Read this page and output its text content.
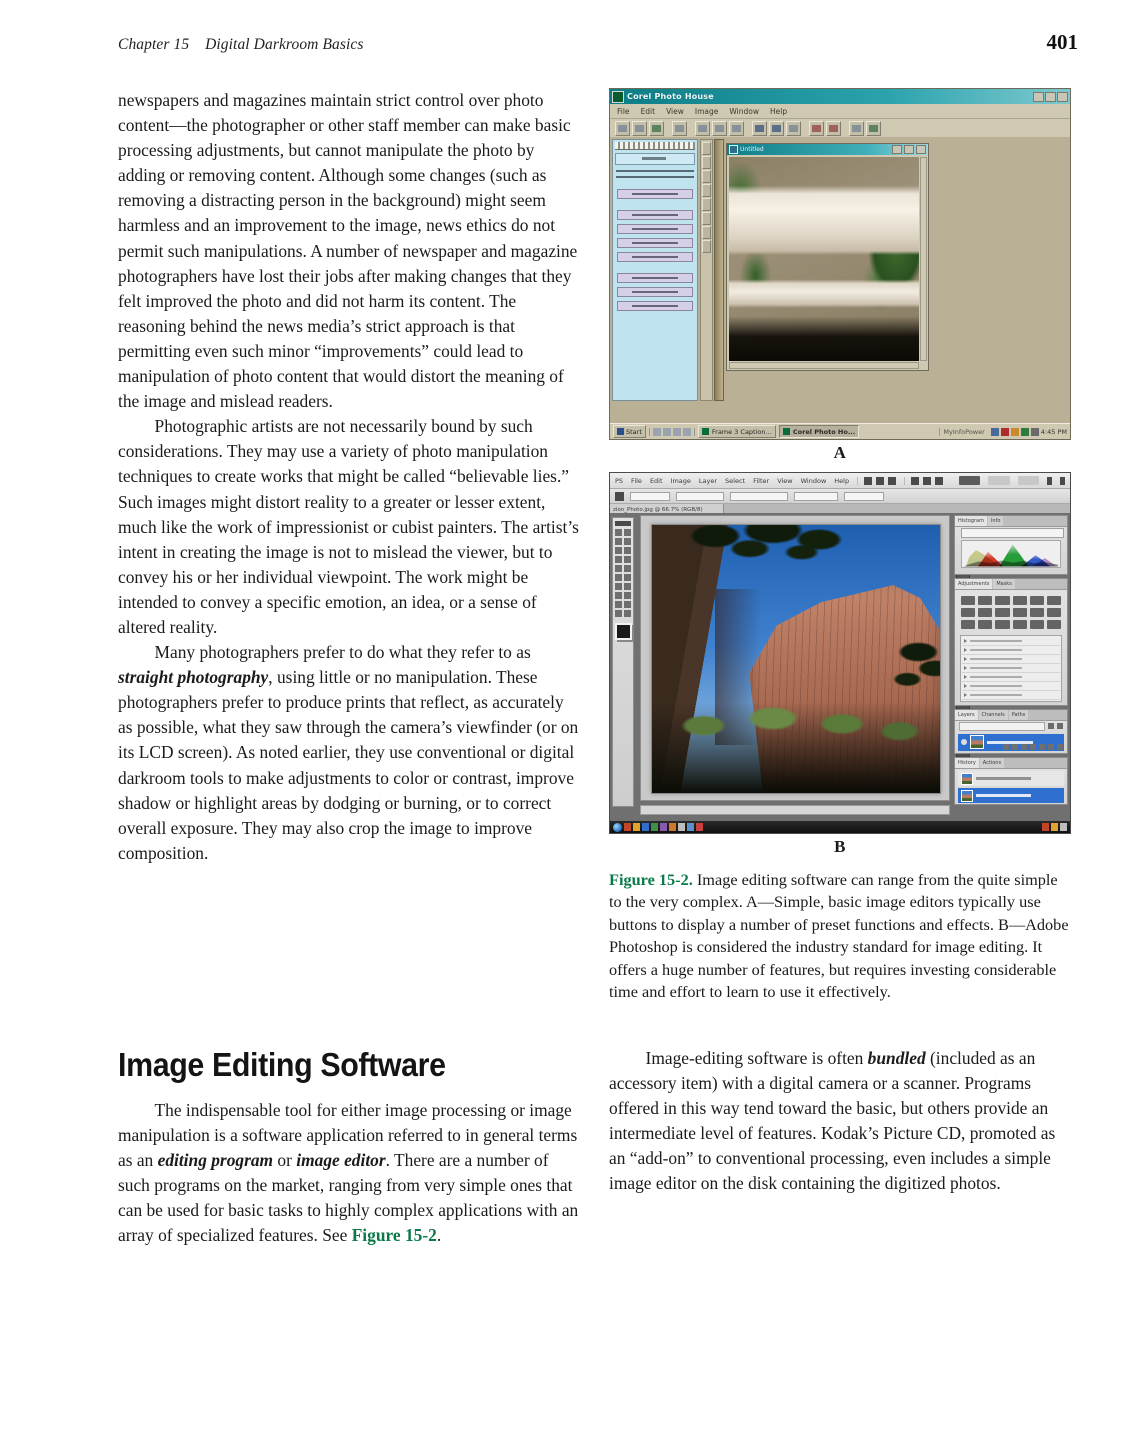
Chapter 15    Digital Darkroom Basics	401

newspapers and magazines maintain strict control over photo content—the photographer or other staff member can make basic processing adjustments, but cannot manipulate the photo by adding or removing content. Although some changes (such as removing a distracting person in the background) might seem harmless and an improvement to the image, news ethics do not permit such manipulations. A number of newspaper and magazine photographers have lost their jobs after making changes that they felt improved the photo and did not harm its content. The reasoning behind the news media’s strict approach is that permitting even such minor “improvements” could lead to manipulation of photo content that would distort the meaning of the image and mislead readers.

Photographic artists are not necessarily bound by such considerations. They may use a variety of photo manipulation techniques to create works that might be called “believable lies.” Such images might distort reality to a greater or lesser extent, much like the work of impressionist or cubist painters. The artist’s intent in creating the image is not to mislead the viewer, but to convey his or her individual viewpoint. The work might be intended to convey a specific emotion, an idea, or a sense of altered reality.

Many photographers prefer to do what they refer to as straight photography, using little or no manipulation. These photographers prefer to produce prints that reflect, as accurately as possible, what they saw through the camera’s viewfinder (or on its LCD screen). As noted earlier, they use conventional or digital darkroom tools to make adjustments to color or contrast, improve shadow or highlight areas by dodging or burning, or to correct overall exposure. They may also crop the image to improve composition.

Corel Photo House
File Edit View Image Window Help
Untitled
Start	Frame 3 Caption...	Corel Photo Ho...	MyInfoPower	4:45 PM
A
PS File Edit Image Layer Select Filter View Window Help
zion_Photo.jpg @ 66.7% (RGB/8)
Histogram	Info
Adjustments	Masks
Layers	Channels	Paths
History	Actions
B

Figure 15-2. Image editing software can range from the quite simple to the very complex. A—Simple, basic image editors typically use buttons to display a number of preset functions and effects. B—Adobe Photoshop is considered the industry standard for image editing. It offers a huge number of features, but requires investing considerable time and effort to learn to use it effectively.

Image Editing Software

The indispensable tool for either image processing or image manipulation is a software application referred to in general terms as an editing program or image editor. There are a number of such programs on the market, ranging from very simple ones that can be used for basic tasks to highly complex applications with an array of specialized features. See Figure 15-2.

Image-editing software is often bundled (included as an accessory item) with a digital camera or a scanner. Programs offered in this way tend toward the basic, but others provide an intermediate level of features. Kodak’s Picture CD, promoted as an “add-on” to conventional processing, even includes a simple image editor on the disk containing the digitized photos.
